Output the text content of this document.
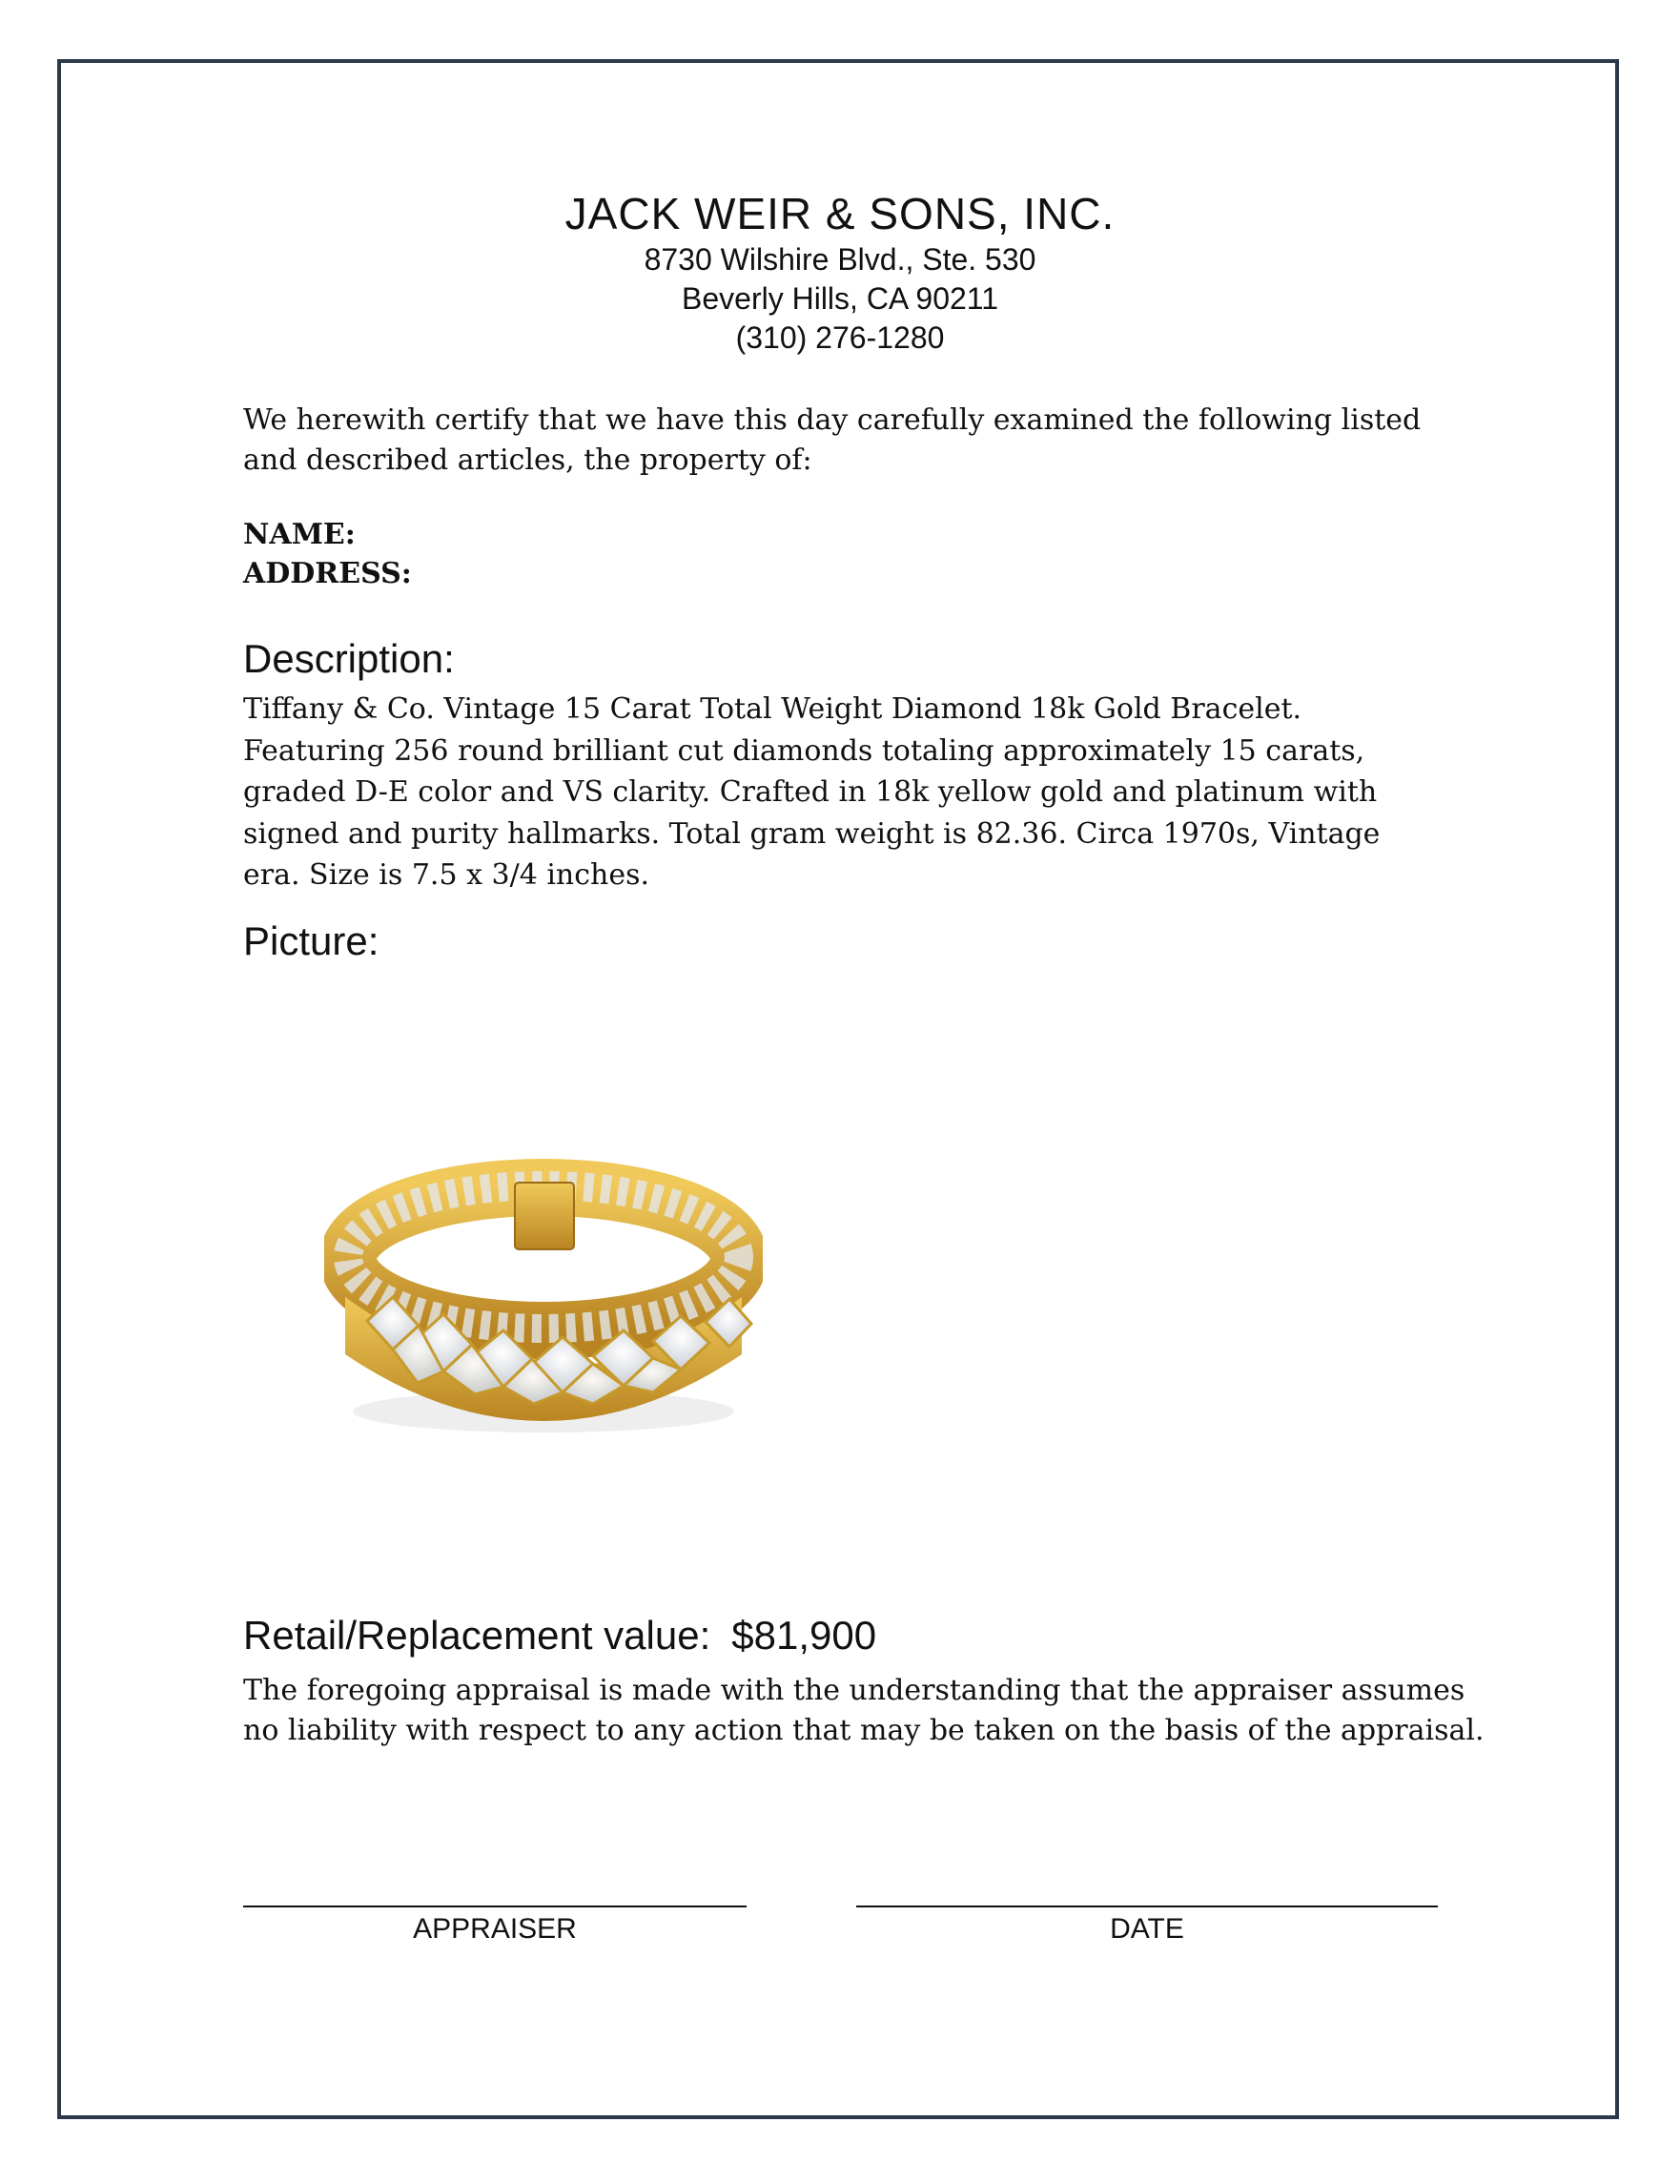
JACK WEIR & SONS, INC.

8730 Wilshire Blvd., Ste. 530

Beverly Hills, CA 90211

(310) 276-1280

We herewith certify that we have this day carefully examined the following listed and described articles, the property of:
NAME:
ADDRESS:
Description:
Tiffany & Co. Vintage 15 Carat Total Weight Diamond 18k Gold Bracelet. Featuring 256 round brilliant cut diamonds totaling approximately 15 carats, graded D-E color and VS clarity. Crafted in 18k yellow gold and platinum with signed and purity hallmarks. Total gram weight is 82.36. Circa 1970s, Vintage era. Size is 7.5 x 3/4 inches.
Picture:
Retail/Replacement value: $81,900
The foregoing appraisal is made with the understanding that the appraiser assumes no liability with respect to any action that may be taken on the basis of the appraisal.
APPRAISER	DATE
